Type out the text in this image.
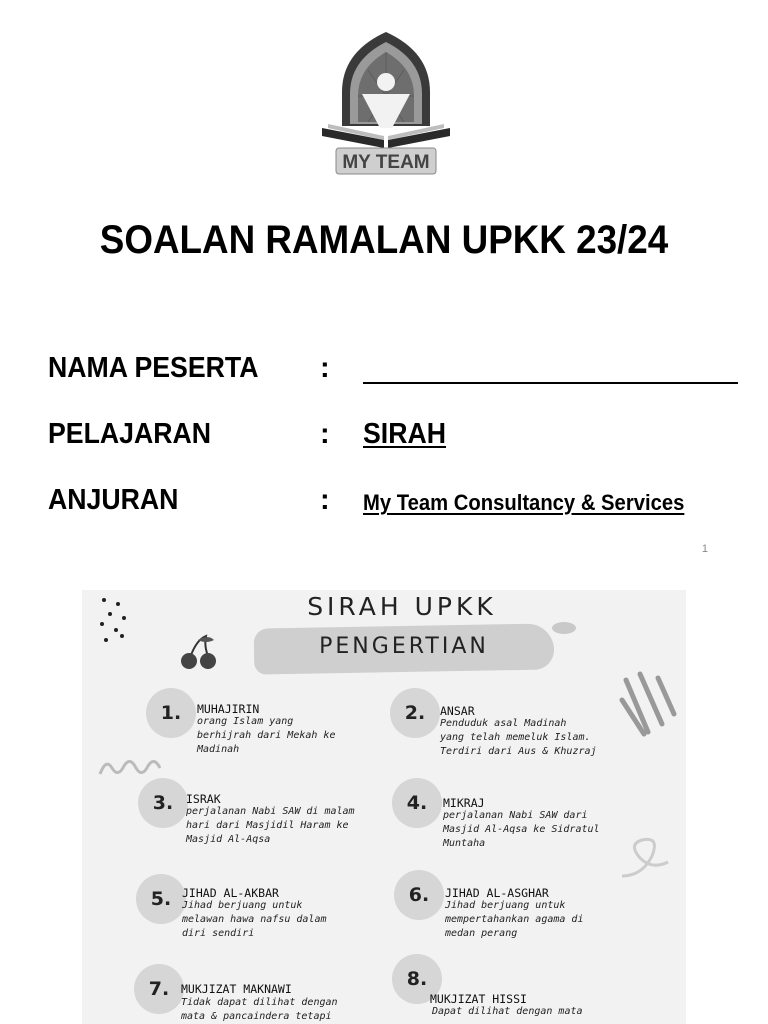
MY TEAM
SOALAN RAMALAN UPKK 23/24
NAMA PESERTA :
PELAJARAN	: SIRAH
ANJURAN	: My Team Consultancy & Services
1
SIRAH UPKK
PENGERTIAN
1.	MUHAJIRIN
orang Islam yang
berhijrah dari Mekah ke
Madinah
2.	ANSAR
Penduduk asal Madinah
yang telah memeluk Islam.
Terdiri dari Aus & Khuzraj
3.	ISRAK
perjalanan Nabi SAW di malam
hari dari Masjidil Haram ke
Masjid Al-Aqsa
4.	MIKRAJ
perjalanan Nabi SAW dari
Masjid Al-Aqsa ke Sidratul
Muntaha
5. JIHAD AL-AKBAR
Jihad berjuang untuk
melawan hawa nafsu dalam
diri sendiri
6.	JIHAD AL-ASGHAR
Jihad berjuang untuk
mempertahankan agama di
medan perang
7.	MUKJIZAT MAKNAWI
Tidak dapat dilihat dengan
mata & pancaindera tetapi
8.
MUKJIZAT HISSI
Dapat dilihat dengan mata
